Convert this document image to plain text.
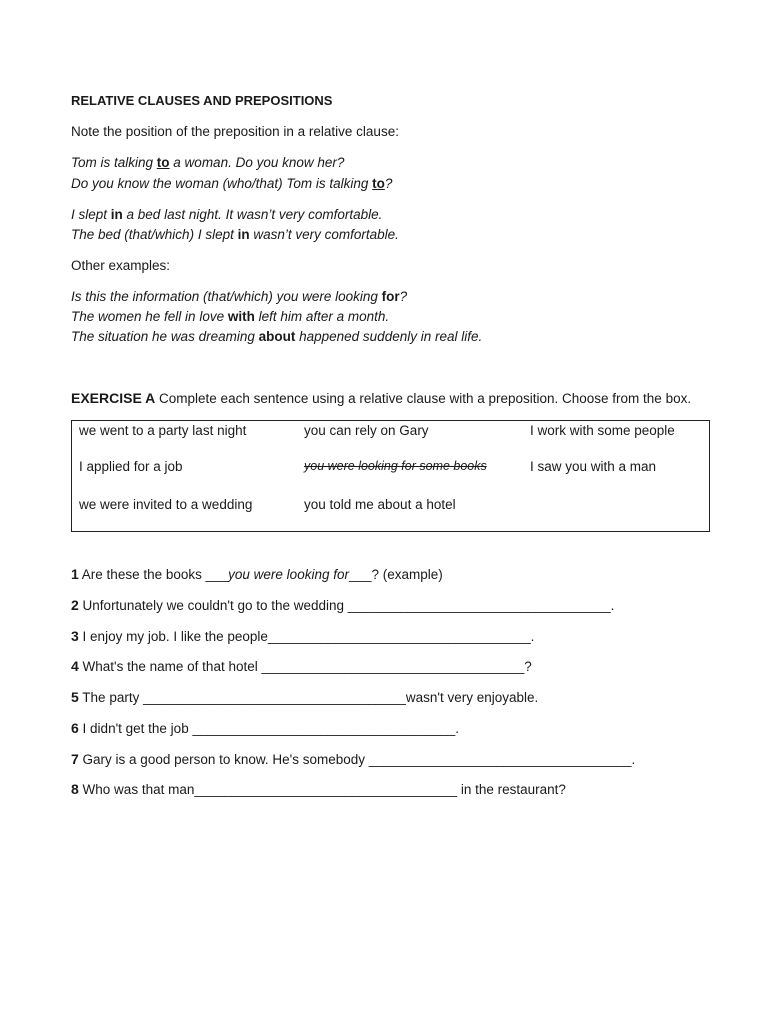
RELATIVE CLAUSES AND PREPOSITIONS
Note the position of the preposition in a relative clause:
Tom is talking to a woman. Do you know her?
Do you know the woman (who/that) Tom is talking to?
I slept in a bed last night. It wasn’t very comfortable.
The bed (that/which) I slept in wasn’t very comfortable.
Other examples:
Is this the information (that/which) you were looking for?
The women he fell in love with left him after a month.
The situation he was dreaming about happened suddenly in real life.
EXERCISE A Complete each sentence using a relative clause with a preposition. Choose from the box.
we went to a party last night	you can rely on Gary	I work with some people
I applied for a job	you were looking for some books	I saw you with a man
we were invited to a wedding	you told me about a hotel
1 Are these the books ___you were looking for___? (example)
2 Unfortunately we couldn't go to the wedding ___________________________________.
3 I enjoy my job. I like the people___________________________________.
4 What's the name of that hotel ___________________________________?
5 The party ___________________________________wasn't very enjoyable.
6 I didn't get the job ___________________________________.
7 Gary is a good person to know. He's somebody ___________________________________.
8 Who was that man___________________________________ in the restaurant?
